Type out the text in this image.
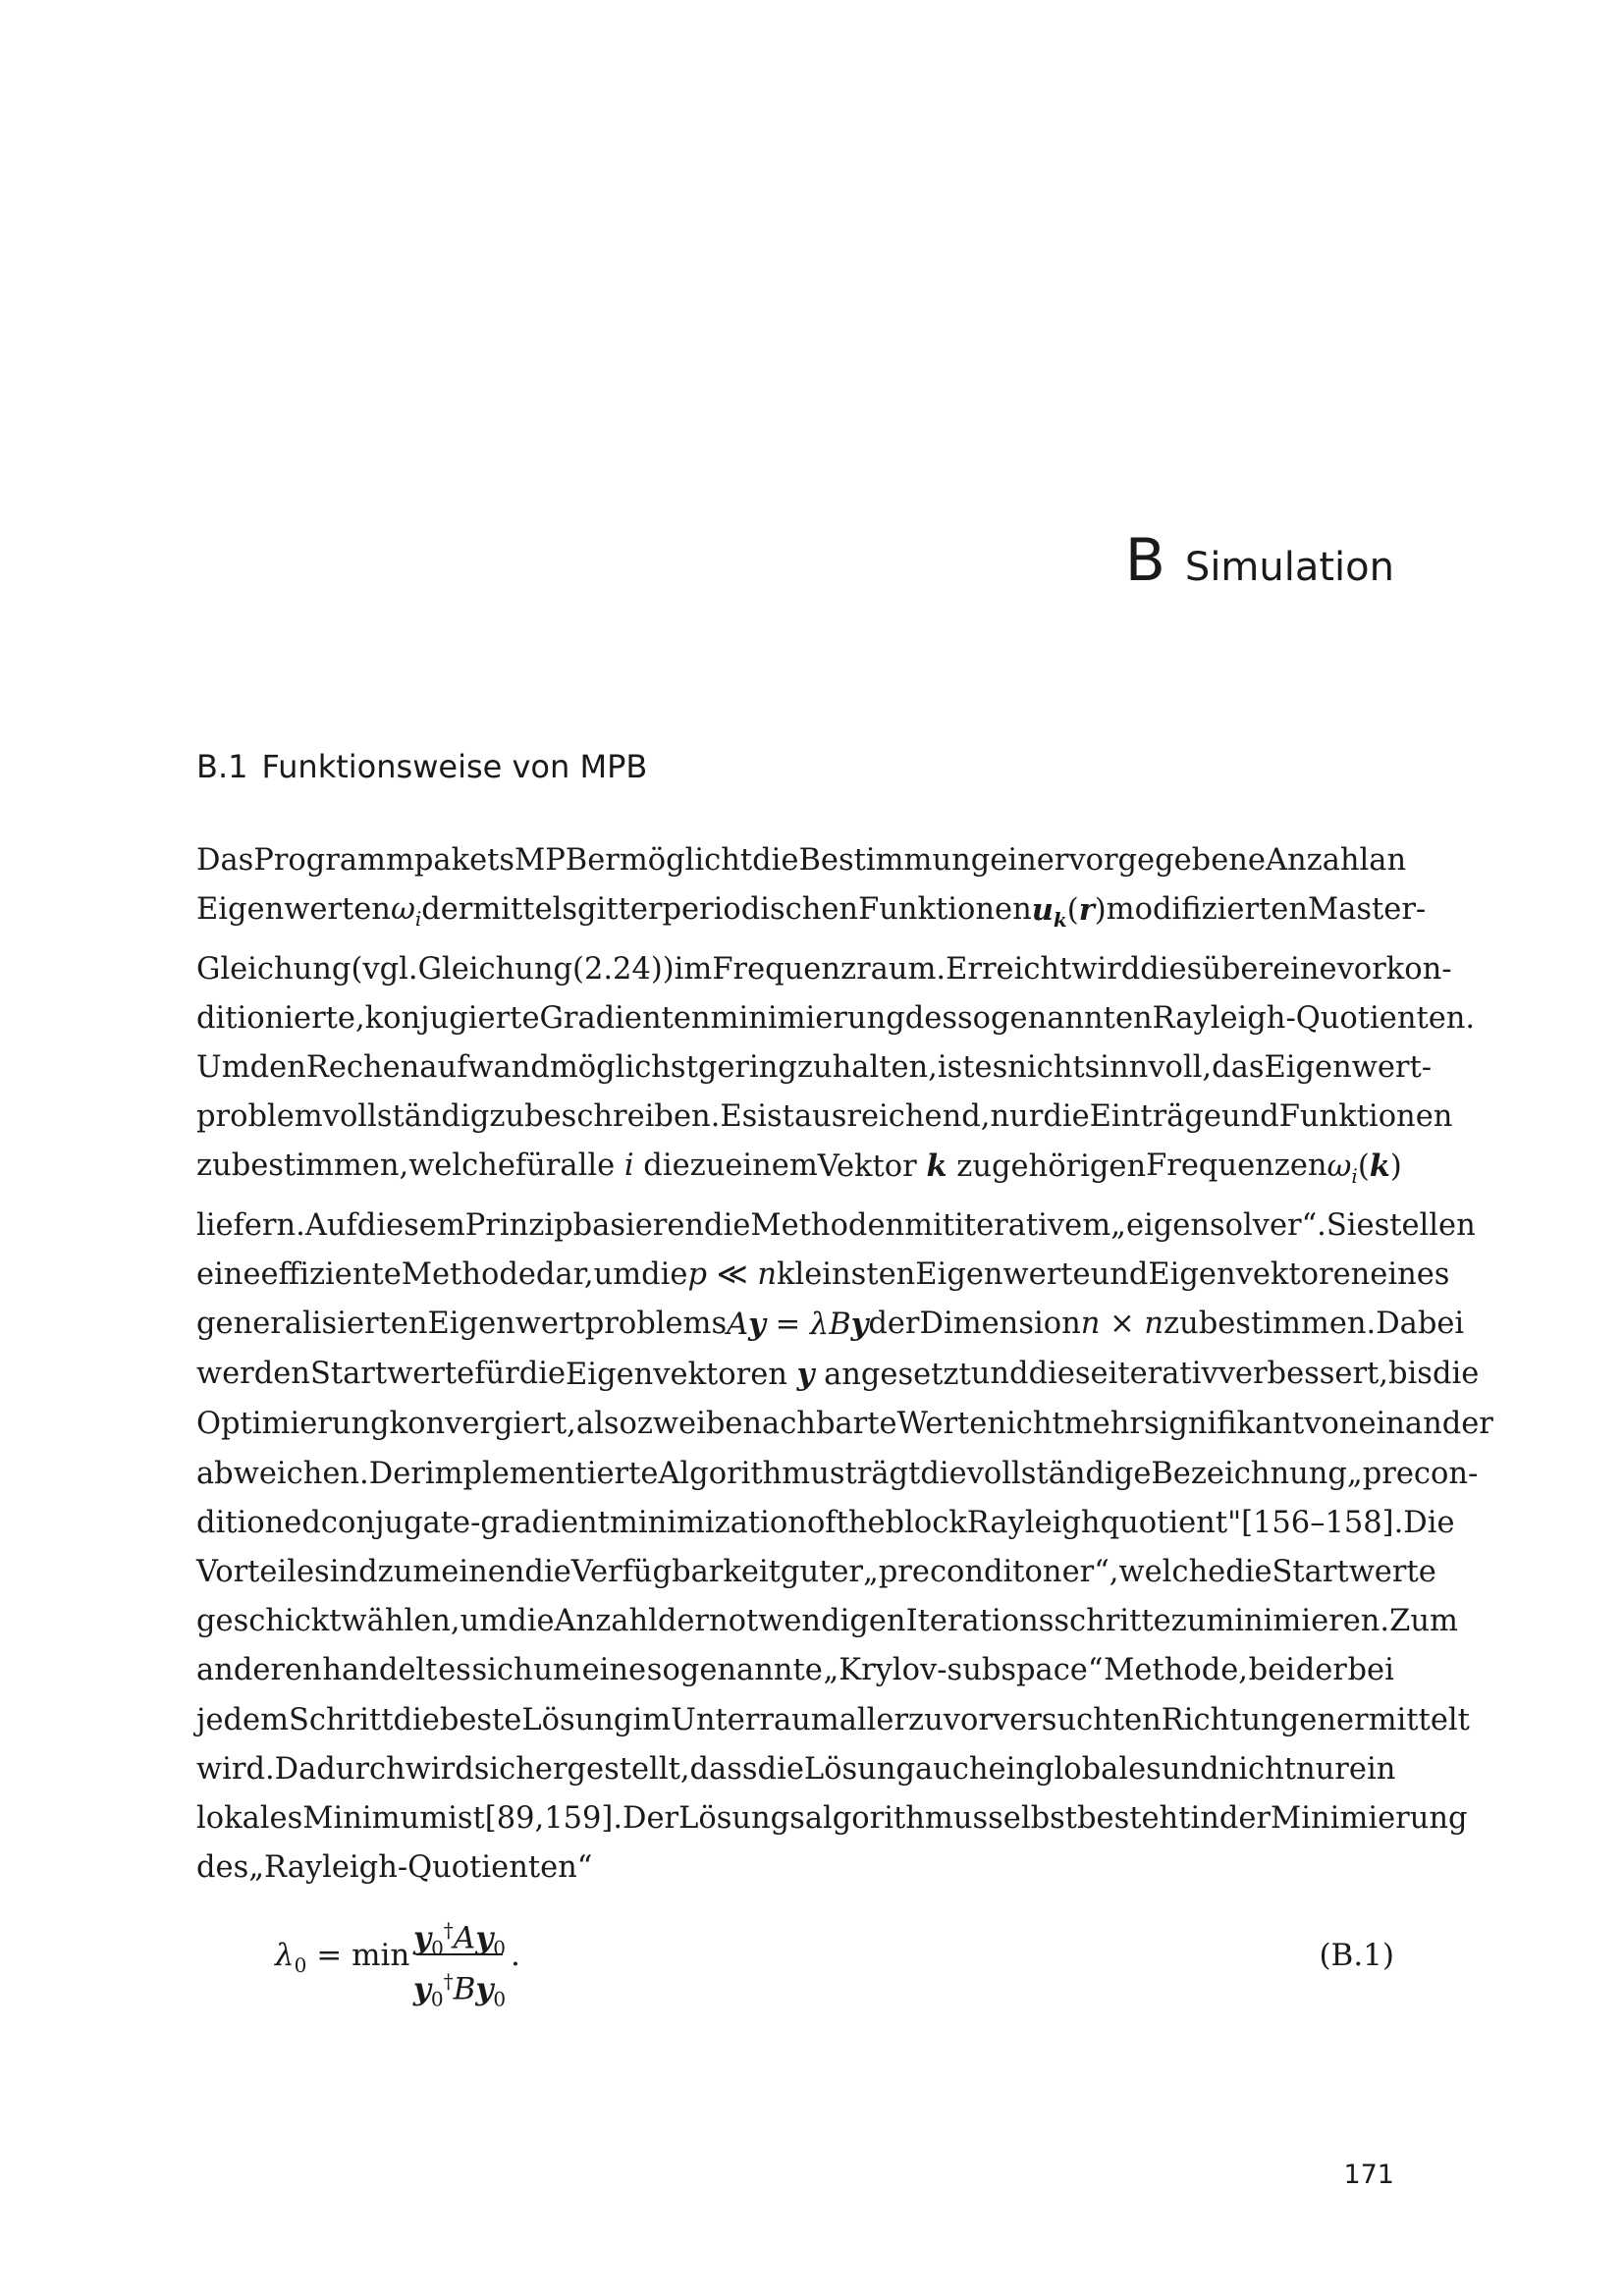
B Simulation
B.1 Funktionsweise von MPB
Das Programmpakets MPB ermöglicht die Bestimmung einer vorgegebene Anzahl an
Eigenwerten $\omega_i$ der mittels gitterperiodischen Funktionen $u_k(r)$ modifizierten Master-
Gleichung (vgl. Gleichung (2.24)) im Frequenzraum. Erreicht wird dies über eine vorkon-
ditionierte, konjugierte Gradientenminimierung des sogenannten Rayleigh-Quotienten.
Um den Rechenaufwand möglichst gering zu halten, ist es nicht sinnvoll, das Eigenwert-
problem vollständig zu beschreiben. Es ist ausreichend, nur die Einträge und Funktionen
zu bestimmen, welche für alle i die zu einem Vektor k zugehörigen Frequenzen $\omega_i(k)$
liefern. Auf diesem Prinzip basieren die Methoden mit iterativem „eigensolver“. Sie stellen
eine effiziente Methode dar, um die p ≪ n kleinsten Eigenwerte und Eigenvektoren eines
generalisierten Eigenwertproblems Ay = λBy der Dimension n × n zu bestimmen. Dabei
werden Startwerte für die Eigenvektoren y angesetzt und diese iterativ verbessert, bis die
Optimierung konvergiert, also zwei benachbarte Werte nicht mehr signifikant voneinander
abweichen. Der implementierte Algorithmus trägt die vollständige Bezeichnung „precon-
ditioned conjugate-gradient minimization of the block Rayleigh quotient"[156–158]. Die
Vorteile sind zum einen die Verfügbarkeit guter „preconditoner“, welche die Startwerte
geschickt wählen, um die Anzahl der notwendigen Iterationsschritte zu minimieren. Zum
anderen handelt es sich um eine sogenannte „Krylov-subspace“ Methode, bei der bei
jedem Schritt die beste Lösung im Unterraum aller zuvor versuchten Richtungen ermittelt
wird. Dadurch wird sichergestellt, dass die Lösung auch ein globales und nicht nur ein
lokales Minimum ist [89, 159]. Der Lösungsalgorithmus selbst besteht in der Minimierung
des „Rayleigh-Quotienten“
$\lambda_0 = \min y_0^\dagger Ay_0$
$y_0^\dagger By_0$
.	(B.1)
171
